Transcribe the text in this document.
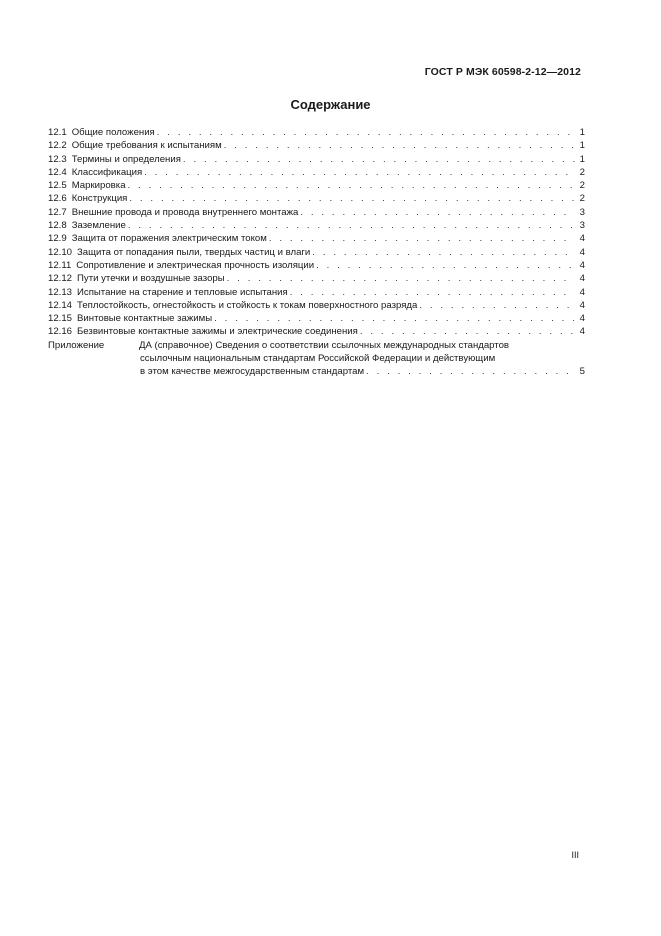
ГОСТ Р МЭК 60598-2-12—2012
Содержание
12.1 Общие положения . . .	1
12.2 Общие требования к испытаниям . . .	1
12.3 Термины и определения . . .	1
12.4 Классификация . . .	2
12.5 Маркировка . . .	2
12.6 Конструкция . . .	2
12.7 Внешние провода и провода внутреннего монтажа . . .	3
12.8 Заземление . . .	3
12.9 Защита от поражения электрическим током . . .	4
12.10 Защита от попадания пыли, твердых частиц и влаги . . .	4
12.11 Сопротивление и электрическая прочность изоляции . . .	4
12.12 Пути утечки и воздушные зазоры . . .	4
12.13 Испытание на старение и тепловые испытания . . .	4
12.14 Теплостойкость, огнестойкость и стойкость к токам поверхностного разряда . . .	4
12.15 Винтовые контактные зажимы . . .	4
12.16 Безвинтовые контактные зажимы и электрические соединения . . .	4
Приложение	ДА (справочное) Сведения о соответствии ссылочных международных стандартов
ссылочным национальным стандартам Российской Федерации и действующим
в этом качестве межгосударственным стандартам . . .	5
III
